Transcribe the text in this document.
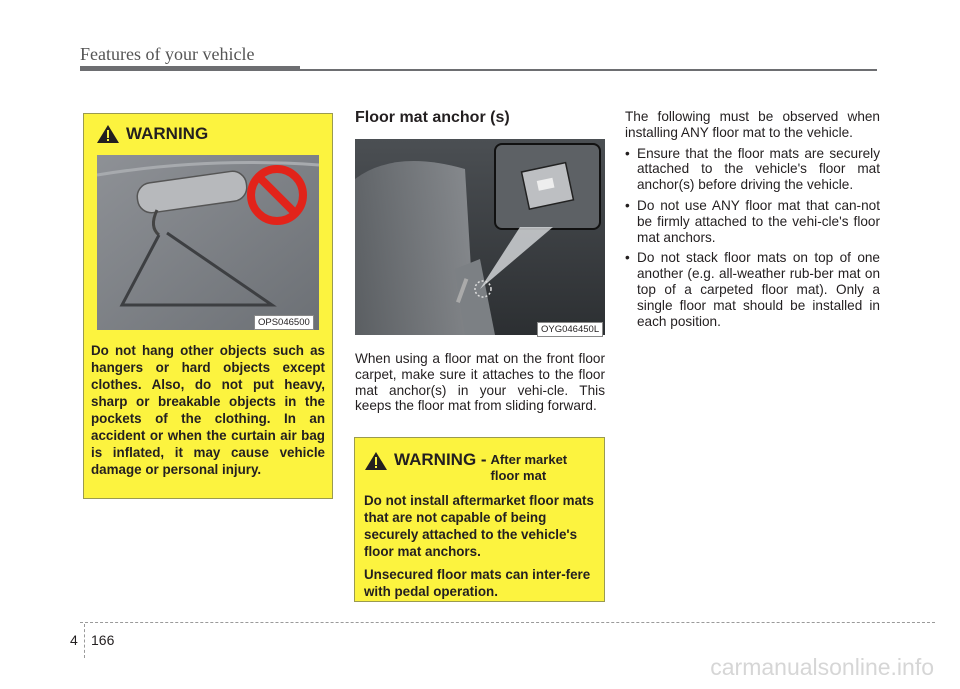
Features of your vehicle
WARNING
OPS046500
Do not hang other objects such as hangers or hard objects except clothes. Also, do not put heavy, sharp or breakable objects in the pockets of the clothing. In an accident or when the curtain air bag is inflated, it may cause vehicle damage or personal injury.
Floor mat anchor (s)
OYG046450L
When using a floor mat on the front floor carpet, make sure it attaches to the floor mat anchor(s) in your vehi-cle. This keeps the floor mat from sliding forward.
WARNING - After market floor mat

Do not install aftermarket floor mats that are not capable of being securely attached to the vehicle's floor mat anchors.

Unsecured floor mats can inter-fere with pedal operation.

The following must be observed when installing ANY floor mat to the vehicle.

• Ensure that the floor mats are securely attached to the vehicle's floor mat anchor(s) before driving the vehicle.
• Do not use ANY floor mat that can-not be firmly attached to the vehi-cle's floor mat anchors.
• Do not stack floor mats on top of one another (e.g. all-weather rub-ber mat on top of a carpeted floor mat). Only a single floor mat should be installed in each position.
4 166
carmanualsonline.info
